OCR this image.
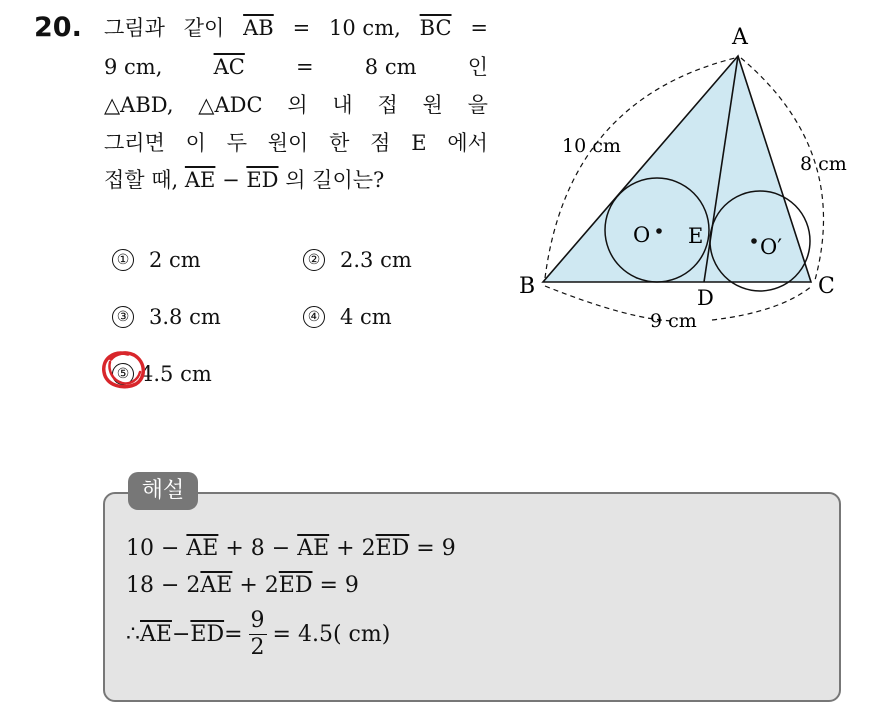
20. 그림과 같이 $\overline{AB} = 10$ cm, $\overline{BC}$ =
9 cm, $\overline{AC} = 8$ cm 인
△ABD, △ADC 의 내 접 원 을
그리면 이 두 원이 한 점 E 에서
접할 때, $\overline{AE} - \overline{ED}$ 의 길이는?
① 2 cm	② 2.3 cm
③ 3.8 cm	④ 4 cm
⑤ 4.5 cm
A
B	C
D
E
O	O′
10 cm
8 cm
9 cm
해설
$10 - \overline{AE} + 8 - \overline{AE} + 2\overline{ED} = 9$
$18 - 2\overline{AE} + 2\overline{ED} = 9$
∴ $\overline{AE} - \overline{ED} = \frac{9}{2} = 4.5$( cm)
